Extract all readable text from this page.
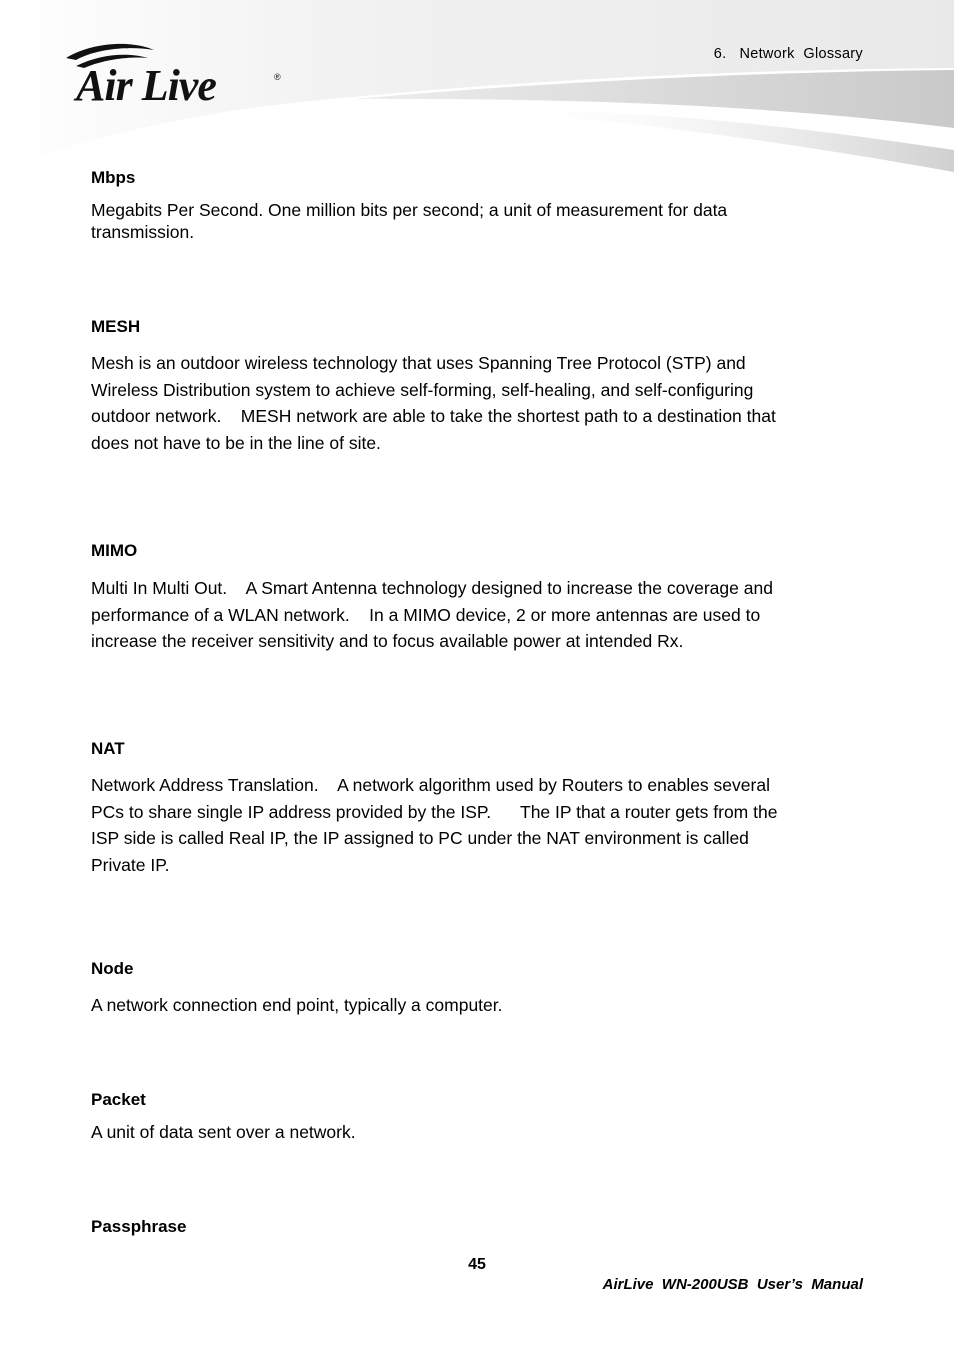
6.   Network  Glossary
Air Live	®
Mbps

Megabits Per Second. One million bits per second; a unit of measurement for data
transmission.

MESH

Mesh is an outdoor wireless technology that uses Spanning Tree Protocol (STP) and
Wireless Distribution system to achieve self-forming, self-healing, and self-configuring
outdoor network.    MESH network are able to take the shortest path to a destination that
does not have to be in the line of site.

MIMO

Multi In Multi Out.    A Smart Antenna technology designed to increase the coverage and
performance of a WLAN network.    In a MIMO device, 2 or more antennas are used to
increase the receiver sensitivity and to focus available power at intended Rx.

NAT

Network Address Translation.    A network algorithm used by Routers to enables several
PCs to share single IP address provided by the ISP.      The IP that a router gets from the
ISP side is called Real IP, the IP assigned to PC under the NAT environment is called
Private IP.

Node

A network connection end point, typically a computer.

Packet

A unit of data sent over a network.

Passphrase
45
AirLive  WN-200USB  User’s  Manual
